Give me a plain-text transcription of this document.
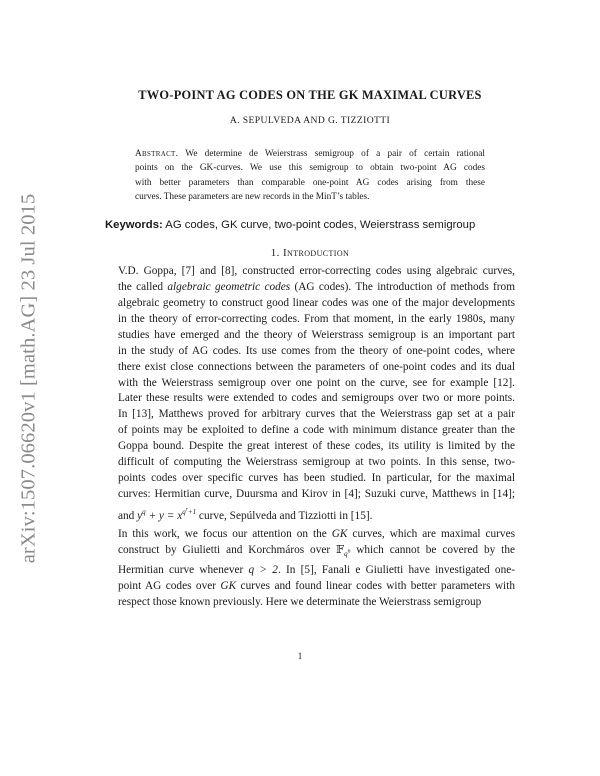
arXiv:1507.06620v1 [math.AG] 23 Jul 2015
TWO-POINT AG CODES ON THE GK MAXIMAL CURVES
A. SEPULVEDA AND G. TIZZIOTTI
Abstract. We determine de Weierstrass semigroup of a pair of certain rational
points on the GK-curves. We use this semigroup to obtain two-point AG codes
with better parameters than comparable one-point AG codes arising from these
curves. These parameters are new records in the MinT’s tables.
Keywords: AG codes, GK curve, two-point codes, Weierstrass semigroup
1. Introduction

V.D. Goppa, [7] and [8], constructed error-correcting codes using algebraic curves,
the called algebraic geometric codes (AG codes). The introduction of methods from
algebraic geometry to construct good linear codes was one of the major developments
in the theory of error-correcting codes. From that moment, in the early 1980s, many
studies have emerged and the theory of Weierstrass semigroup is an important part
in the study of AG codes. Its use comes from the theory of one-point codes, where
there exist close connections between the parameters of one-point codes and its dual
with the Weierstrass semigroup over one point on the curve, see for example [12].
Later these results were extended to codes and semigroups over two or more points.
In [13], Matthews proved for arbitrary curves that the Weierstrass gap set at a pair
of points may be exploited to define a code with minimum distance greater than the
Goppa bound. Despite the great interest of these codes, its utility is limited by the
difficult of computing the Weierstrass semigroup at two points. In this sense, two-
points codes over specific curves has been studied. In particular, for the maximal
curves: Hermitian curve, Duursma and Kirov in [4]; Suzuki curve, Matthews in [14];
and $y^q + y = x^{q^r+1}$ curve, Sepúlveda and Tizziotti in [15].

In this work, we focus our attention on the GK curves, which are maximal curves
construct by Giulietti and Korchmáros over 𝔽$_{q^6}$ which cannot be covered by the
Hermitian curve whenever q > 2. In [5], Fanali e Giulietti have investigated one-
point AG codes over GK curves and found linear codes with better parameters with
respect those known previously. Here we determinate the Weierstrass semigroup

1
